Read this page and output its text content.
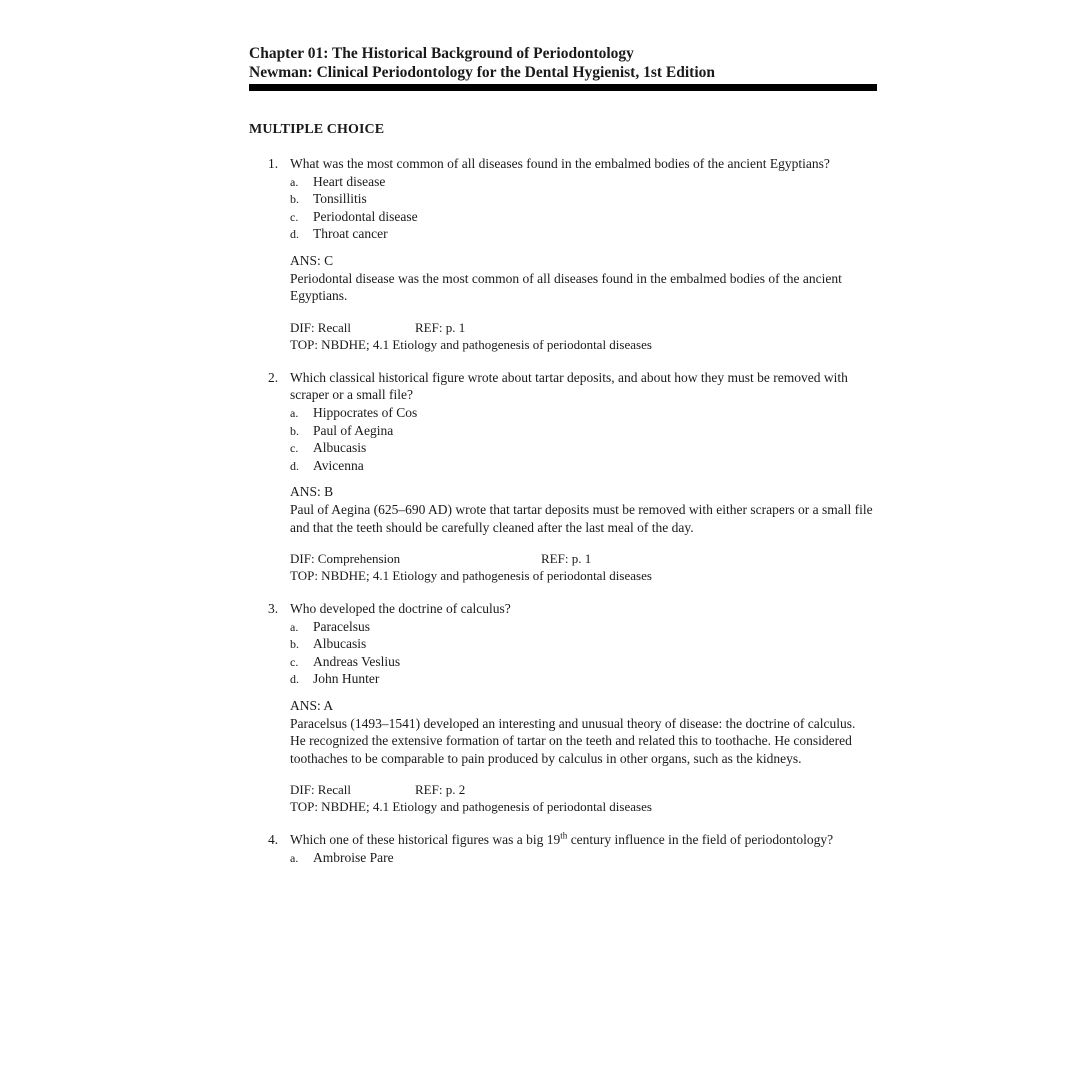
Chapter 01: The Historical Background of Periodontology
Newman: Clinical Periodontology for the Dental Hygienist, 1st Edition
MULTIPLE CHOICE
1. What was the most common of all diseases found in the embalmed bodies of the ancient Egyptians?
a. Heart disease
b. Tonsillitis
c. Periodontal disease
d. Throat cancer
ANS: C
Periodontal disease was the most common of all diseases found in the embalmed bodies of the ancient Egyptians.
DIF: Recall	REF: p. 1
TOP: NBDHE; 4.1 Etiology and pathogenesis of periodontal diseases
2. Which classical historical figure wrote about tartar deposits, and about how they must be removed with scraper or a small file?
a. Hippocrates of Cos
b. Paul of Aegina
c. Albucasis
d. Avicenna
ANS: B
Paul of Aegina (625–690 AD) wrote that tartar deposits must be removed with either scrapers or a small file and that the teeth should be carefully cleaned after the last meal of the day.
DIF: Comprehension	REF: p. 1
TOP: NBDHE; 4.1 Etiology and pathogenesis of periodontal diseases
3. Who developed the doctrine of calculus?
a. Paracelsus
b. Albucasis
c. Andreas Veslius
d. John Hunter
ANS: A
Paracelsus (1493–1541) developed an interesting and unusual theory of disease: the doctrine of calculus. He recognized the extensive formation of tartar on the teeth and related this to toothache. He considered toothaches to be comparable to pain produced by calculus in other organs, such as the kidneys.
DIF: Recall	REF: p. 2
TOP: NBDHE; 4.1 Etiology and pathogenesis of periodontal diseases
4. Which one of these historical figures was a big 19th century influence in the field of periodontology?
a. Ambroise Pare
